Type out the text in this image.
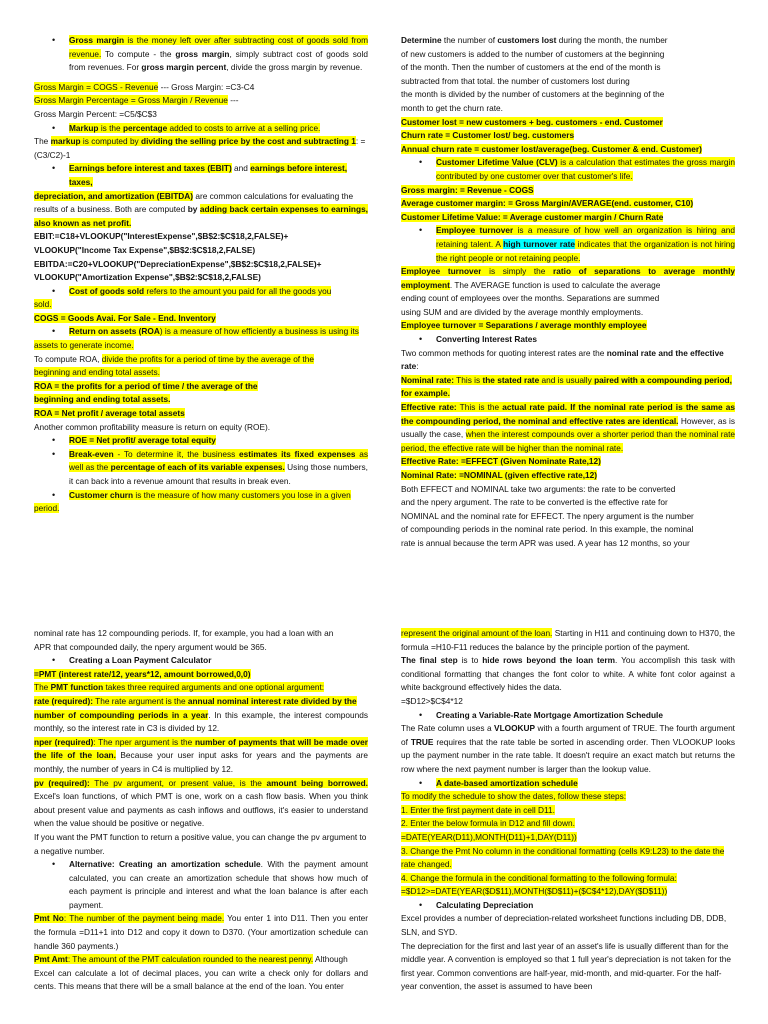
• Gross margin is the money left over after subtracting cost of goods sold from revenue. To compute - the gross margin, simply subtract cost of goods sold from revenues. For gross margin percent, divide the gross margin by revenue.
Gross Margin = COGS - Revenue --- Gross Margin: =C3-C4
Gross Margin Percentage = Gross Margin / Revenue ---
Gross Margin Percent: =C5/$C$3
• Markup is the percentage added to costs to arrive at a selling price.
The markup is computed by dividing the selling price by the cost and subtracting 1: =(C3/C2)-1
• Earnings before interest and taxes (EBIT) and earnings before interest, taxes,
depreciation, and amortization (EBITDA) are common calculations for evaluating the
results of a business. Both are computed by adding back certain expenses to earnings, also known as net profit.
EBIT:=C18+VLOOKUP("InterestExpense",$B$2:$C$18,2,FALSE)+
VLOOKUP("Income Tax Expense",$B$2:$C$18,2,FALSE)
EBITDA:=C20+VLOOKUP("DepreciationExpense",$B$2:$C$18,2,FALSE)+
VLOOKUP("Amortization Expense",$B$2:$C$18,2,FALSE)
• Cost of goods sold refers to the amount you paid for all the goods you
sold.
COGS = Goods Avai. For Sale - End. Inventory
• Return on assets (ROA) is a measure of how efficiently a business is using its
assets to generate income.
To compute ROA, divide the profits for a period of time by the average of the
beginning and ending total assets.
ROA = the profits for a period of time / the average of the
beginning and ending total assets.
ROA = Net profit / average total assets
Another common profitability measure is return on equity (ROE).
• ROE = Net profit/ average total equity
• Break-even - To determine it, the business estimates its fixed expenses as well as the percentage of each of its variable expenses. Using those numbers, it can back into a revenue amount that results in break even.
• Customer churn is the measure of how many customers you lose in a given
period.
Determine the number of customers lost during the month, the number
of new customers is added to the number of customers at the beginning
of the month. Then the number of customers at the end of the month is
subtracted from that total. the number of customers lost during
the month is divided by the number of customers at the beginning of the
month to get the churn rate.
Customer lost = new customers + beg. customers - end. Customer
Churn rate = Customer lost/ beg. customers
Annual churn rate = customer lost/average(beg. Customer & end. Customer)
• Customer Lifetime Value (CLV) is a calculation that estimates the gross margin contributed by one customer over that customer's life.
Gross margin: = Revenue - COGS
Average customer margin: = Gross Margin/AVERAGE(end. customer, C10)
Customer Lifetime Value: = Average customer margin / Churn Rate
• Employee turnover is a measure of how well an organization is hiring and retaining talent. A high turnover rate indicates that the organization is not hiring the right people or not retaining people.
Employee turnover is simply the ratio of separations to average monthly employment. The AVERAGE function is used to calculate the average
ending count of employees over the months. Separations are summed
using SUM and are divided by the average monthly employments.
Employee turnover = Separations / average monthly employee
• Converting Interest Rates
Two common methods for quoting interest rates are the nominal rate and the effective rate:
Nominal rate: This is the stated rate and is usually paired with a compounding period, for example.
Effective rate: This is the actual rate paid. If the nominal rate period is the same as the compounding period, the nominal and effective rates are identical. However, as is usually the case, when the interest compounds over a shorter period than the nominal rate period, the effective rate will be higher than the nominal rate.
Effective Rate: =EFFECT (Given Nominate Rate,12)
Nominal Rate: =NOMINAL (given effective rate,12)
Both EFFECT and NOMINAL take two arguments: the rate to be converted
and the npery argument. The rate to be converted is the effective rate for
NOMINAL and the nominal rate for EFFECT. The npery argument is the number
of compounding periods in the nominal rate period. In this example, the nominal
rate is annual because the term APR was used. A year has 12 months, so your
nominal rate has 12 compounding periods. If, for example, you had a loan with an
APR that compounded daily, the npery argument would be 365.
• Creating a Loan Payment Calculator
=PMT (interest rate/12, years*12, amount borrowed,0,0)
The PMT function takes three required arguments and one optional argument:
rate (required): The rate argument is the annual nominal interest rate divided by the
number of compounding periods in a year. In this example, the interest compounds monthly, so the interest rate in C3 is divided by 12.
nper (required): The nper argument is the number of payments that will be made over the life of the loan. Because your user input asks for years and the payments are monthly, the number of years in C4 is multiplied by 12.
pv (required): The pv argument, or present value, is the amount being borrowed. Excel's loan functions, of which PMT is one, work on a cash flow basis. When you think about present value and payments as cash inflows and outflows, it's easier to understand when the value should be positive or negative.
If you want the PMT function to return a positive value, you can change the pv argument to a negative number.
• Alternative: Creating an amortization schedule. With the payment amount calculated, you can create an amortization schedule that shows how much of each payment is principle and interest and what the loan balance is after each payment.
Pmt No: The number of the payment being made. You enter 1 into D11. Then you enter the formula =D11+1 into D12 and copy it down to D370. (Your amortization schedule can handle 360 payments.)
Pmt Amt: The amount of the PMT calculation rounded to the nearest penny. Although
Excel can calculate a lot of decimal places, you can write a check only for dollars and cents. This means that there will be a small balance at the end of the loan. You enter
represent the original amount of the loan. Starting in H11 and continuing down to H370, the formula =H10-F11 reduces the balance by the principle portion of the payment.
The final step is to hide rows beyond the loan term. You accomplish this task with conditional formatting that changes the font color to white. A white font color against a white background effectively hides the data.
=$D12>$C$4*12
• Creating a Variable-Rate Mortgage Amortization Schedule
The Rate column uses a VLOOKUP with a fourth argument of TRUE. The fourth argument of TRUE requires that the rate table be sorted in ascending order. Then VLOOKUP looks up the payment number in the rate table. It doesn't require an exact match but returns the row where the next payment number is larger than the lookup value.
• A date-based amortization schedule
To modify the schedule to show the dates, follow these steps:
1. Enter the first payment date in cell D11.
2. Enter the below formula in D12 and fill down.
=DATE(YEAR(D11),MONTH(D11)+1,DAY(D11))
3. Change the Pmt No column in the conditional formatting (cells K9:L23) to the date the rate changed.
4. Change the formula in the conditional formatting to the following formula:
=$D12>=DATE(YEAR($D$11),MONTH($D$11)+($C$4*12),DAY($D$11))
• Calculating Depreciation
Excel provides a number of depreciation-related worksheet functions including DB, DDB, SLN, and SYD.
The depreciation for the first and last year of an asset's life is usually different than for the middle year. A convention is employed so that 1 full year's depreciation is not taken for the first year. Common conventions are half-year, mid-month, and mid-quarter. For the half-year convention, the asset is assumed to have been
